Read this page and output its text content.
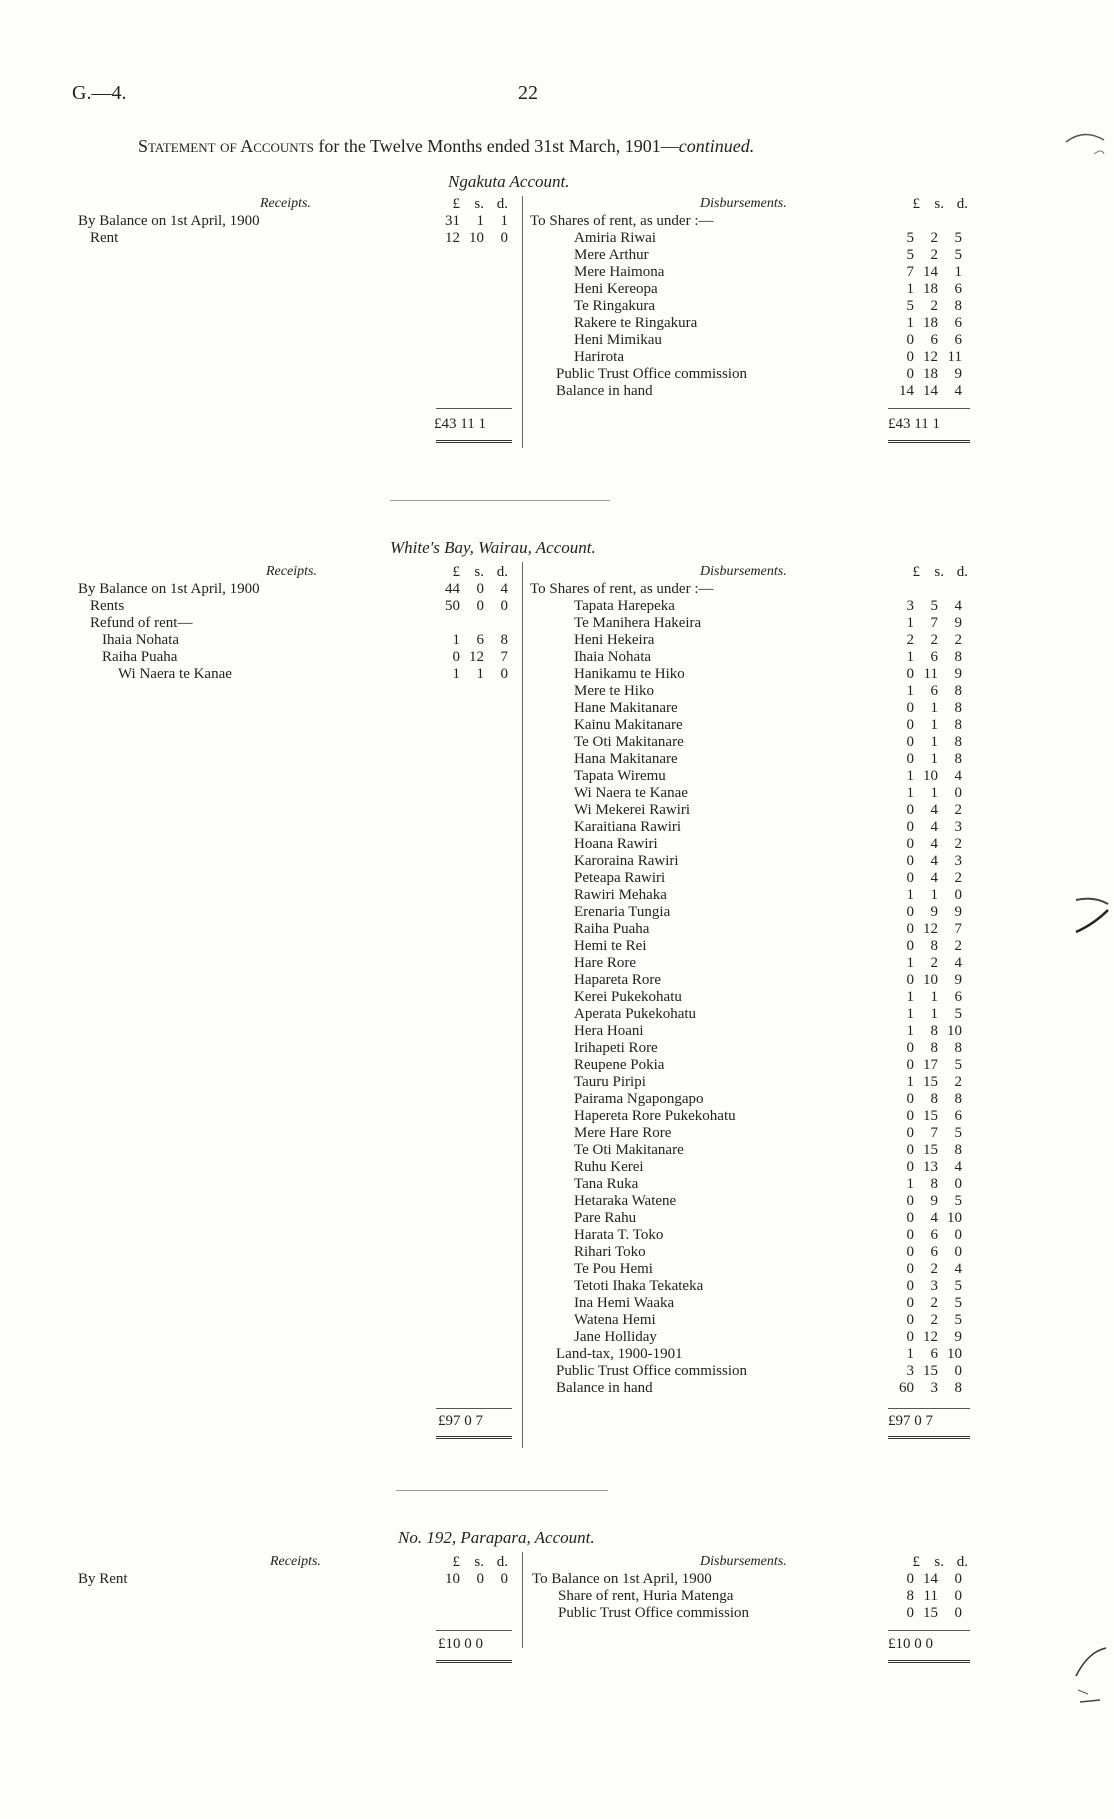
G.—4.	22
Statement of Accounts for the Twelve Months ended 31st March, 1901—continued.
Ngakuta Account.
Receipts.	£ s. d.	Disbursements.	£ s. d.
By Balance on 1st April, 1900	31 1 1
Rent	12 10 0
To Shares of rent, as under :—
Amiria Riwai	5 2 5
Mere Arthur	5 2 5
Mere Haimona	7 14 1
Heni Kereopa	1 18 6
Te Ringakura	5 2 8
Rakere te Ringakura	1 18 6
Heni Mimikau	0 6 6
Harirota	0 12 11
Public Trust Office commission	0 18 9
Balance in hand	14 14 4
£43 11 1	£43 11 1
White's Bay, Wairau, Account.
Receipts.	£ s. d.	Disbursements.	£ s. d.
By Balance on 1st April, 1900	44 0 4
Rents	50 0 0
Refund of rent—
Ihaia Nohata	1 6 8
Raiha Puaha	0 12 7
Wi Naera te Kanae	1 1 0
To Shares of rent, as under :—
Tapata Harepeka	3 5 4
Te Manihera Hakeira	1 7 9
Heni Hekeira	2 2 2
Ihaia Nohata	1 6 8
Hanikamu te Hiko	0 11 9
Mere te Hiko	1 6 8
Hane Makitanare	0 1 8
Kainu Makitanare	0 1 8
Te Oti Makitanare	0 1 8
Hana Makitanare	0 1 8
Tapata Wiremu	1 10 4
Wi Naera te Kanae	1 1 0
Wi Mekerei Rawiri	0 4 2
Karaitiana Rawiri	0 4 3
Hoana Rawiri	0 4 2
Karoraina Rawiri	0 4 3
Peteapa Rawiri	0 4 2
Rawiri Mehaka	1 1 0
Erenaria Tungia	0 9 9
Raiha Puaha	0 12 7
Hemi te Rei	0 8 2
Hare Rore	1 2 4
Hapareta Rore	0 10 9
Kerei Pukekohatu	1 1 6
Aperata Pukekohatu	1 1 5
Hera Hoani	1 8 10
Irihapeti Rore	0 8 8
Reupene Pokia	0 17 5
Tauru Piripi	1 15 2
Pairama Ngapongapo	0 8 8
Hapereta Rore Pukekohatu	0 15 6
Mere Hare Rore	0 7 5
Te Oti Makitanare	0 15 8
Ruhu Kerei	0 13 4
Tana Ruka	1 8 0
Hetaraka Watene	0 9 5
Pare Rahu	0 4 10
Harata T. Toko	0 6 0
Rihari Toko	0 6 0
Te Pou Hemi	0 2 4
Tetoti Ihaka Tekateka	0 3 5
Ina Hemi Waaka	0 2 5
Watena Hemi	0 2 5
Jane Holliday	0 12 9
Land-tax, 1900-1901	1 6 10
Public Trust Office commission	3 15 0
Balance in hand	60 3 8
£97 0 7	£97 0 7
No. 192, Parapara, Account.
Receipts.	£ s. d.	Disbursements.	£ s. d.
By Rent	10 0 0 To Balance on 1st April, 1900	0 14 0
Share of rent, Huria Matenga	8 11 0
Public Trust Office commission	0 15 0
£10 0 0	£10 0 0
